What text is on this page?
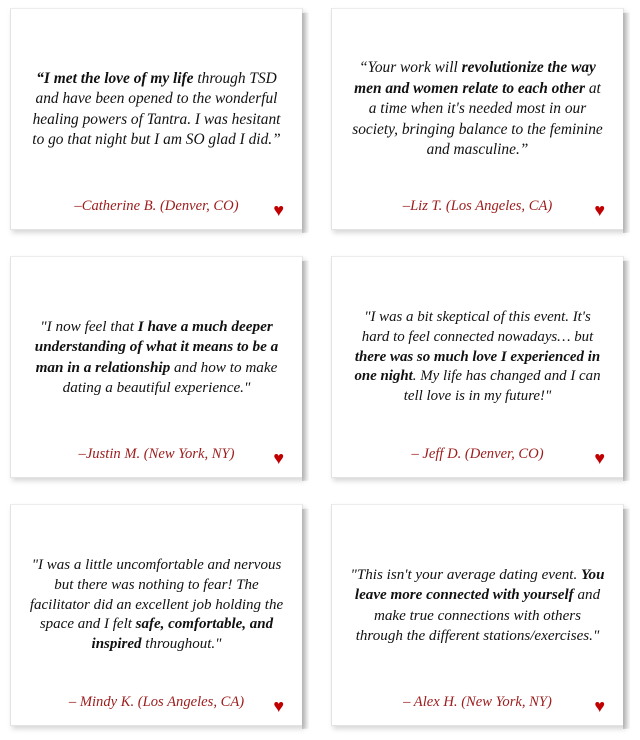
“I met the love of my life through TSD and have been opened to the wonderful healing powers of Tantra. I was hesitant to go that night but I am SO glad I did.”
–Catherine B. (Denver, CO) ♥
“Your work will revolutionize the way men and women relate to each other at a time when it's needed most in our society, bringing balance to the feminine and masculine.”
–Liz T. (Los Angeles, CA) ♥
"I now feel that I have a much deeper understanding of what it means to be a man in a relationship and how to make dating a beautiful experience."
–Justin M. (New York, NY) ♥
"I was a bit skeptical of this event. It's hard to feel connected nowadays… but there was so much love I experienced in one night. My life has changed and I can tell love is in my future!"
– Jeff D. (Denver, CO)	♥
"I was a little uncomfortable and nervous but there was nothing to fear! The facilitator did an excellent job holding the space and I felt safe, comfortable, and inspired throughout."
– Mindy K. (Los Angeles, CA) ♥
"This isn't your average dating event. You leave more connected with yourself and make true connections with others through the different stations/exercises."
– Alex H. (New York, NY) ♥
